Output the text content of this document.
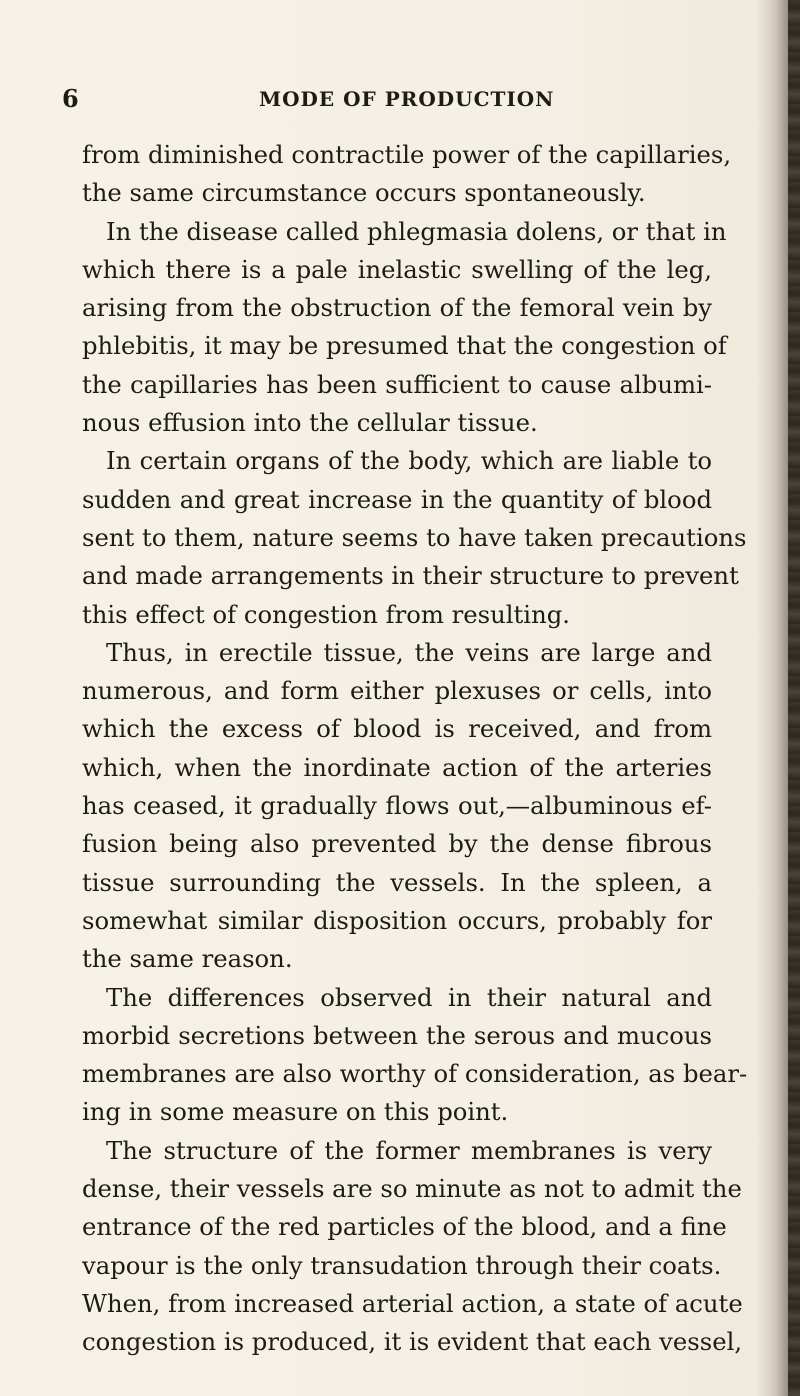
6	MODE OF PRODUCTION
from diminished contractile power of the capillaries,
the same circumstance occurs spontaneously.
In the disease called phlegmasia dolens, or that in
which there is a pale inelastic swelling of the leg,
arising from the obstruction of the femoral vein by
phlebitis, it may be presumed that the congestion of
the capillaries has been sufficient to cause albumi-
nous effusion into the cellular tissue.
In certain organs of the body, which are liable to
sudden and great increase in the quantity of blood
sent to them, nature seems to have taken precautions
and made arrangements in their structure to prevent
this effect of congestion from resulting.
Thus, in erectile tissue, the veins are large and
numerous, and form either plexuses or cells, into
which the excess of blood is received, and from
which, when the inordinate action of the arteries
has ceased, it gradually flows out,—albuminous ef-
fusion being also prevented by the dense fibrous
tissue surrounding the vessels. In the spleen, a
somewhat similar disposition occurs, probably for
the same reason.
The differences observed in their natural and
morbid secretions between the serous and mucous
membranes are also worthy of consideration, as bear-
ing in some measure on this point.
The structure of the former membranes is very
dense, their vessels are so minute as not to admit the
entrance of the red particles of the blood, and a fine
vapour is the only transudation through their coats.
When, from increased arterial action, a state of acute
congestion is produced, it is evident that each vessel,
